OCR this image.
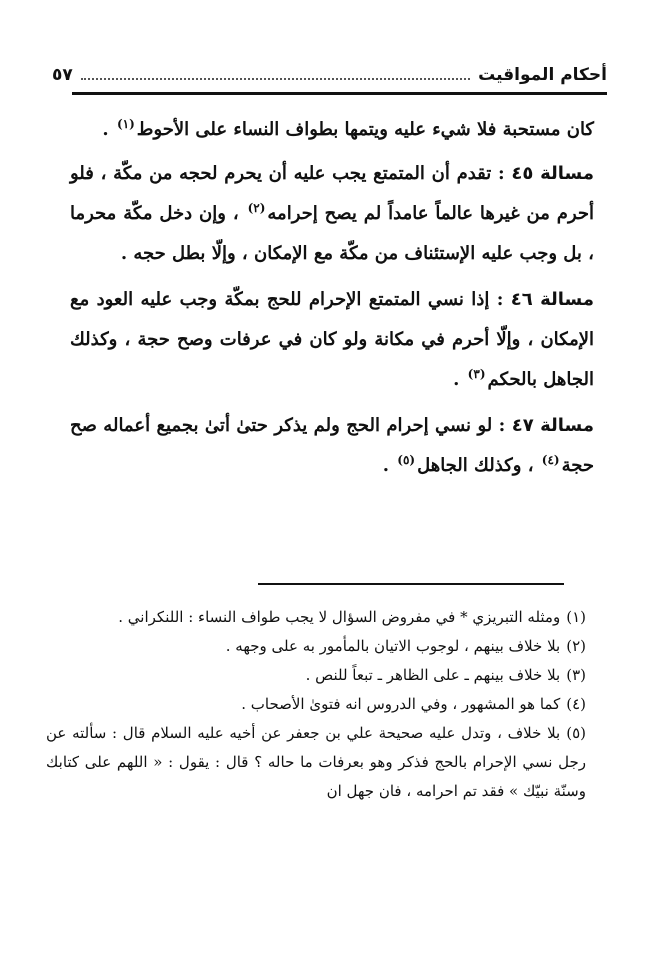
أحكام المواقيت
٥٧

كان مستحبة فلا شيء عليه ويتمها بطواف النساء على الأحوط$^{(١)}$ .

مسالة ٤٥ : تقدم أن المتمتع يجب عليه أن يحرم لحجه من مكّة ، فلو أحرم من غيرها عالماً عامداً لم يصح إحرامه$^{(٢)}$ ، وإن دخل مكّة محرما ، بل وجب عليه الإستئناف من مكّة مع الإمكان ، وإلّا بطل حجه .

مسالة ٤٦ : إذا نسي المتمتع الإحرام للحج بمكّة وجب عليه العود مع الإمكان ، وإلّا أحرم في مكانة ولو كان في عرفات وصح حجة ، وكذلك الجاهل بالحكم$^{(٣)}$ .

مسالة ٤٧ : لو نسي إحرام الحج ولم يذكر حتىٰ أتىٰ بجميع أعماله صح حجة$^{(٤)}$ ، وكذلك الجاهل$^{(٥)}$ .

(١)ومثله التبريزي * في مفروض السؤال لا يجب طواف النساء : اللنكراني .

(٢)بلا خلاف بينهم ، لوجوب الاتيان بالمأمور به على وجهه .

(٣)بلا خلاف بينهم ـ على الظاهر ـ تبعاً للنص .

(٤)كما هو المشهور ، وفي الدروس انه فتوىٰ الأصحاب .

(٥)بلا خلاف ، وتدل عليه صحيحة علي بن جعفر عن أخيه عليه السلام قال : سألته عن رجل نسي الإحرام بالحج فذكر وهو بعرفات ما حاله ؟ قال : يقول : « اللهم على كتابك وسنّة نبيّك » فقد تم احرامه ، فان جهل ان
